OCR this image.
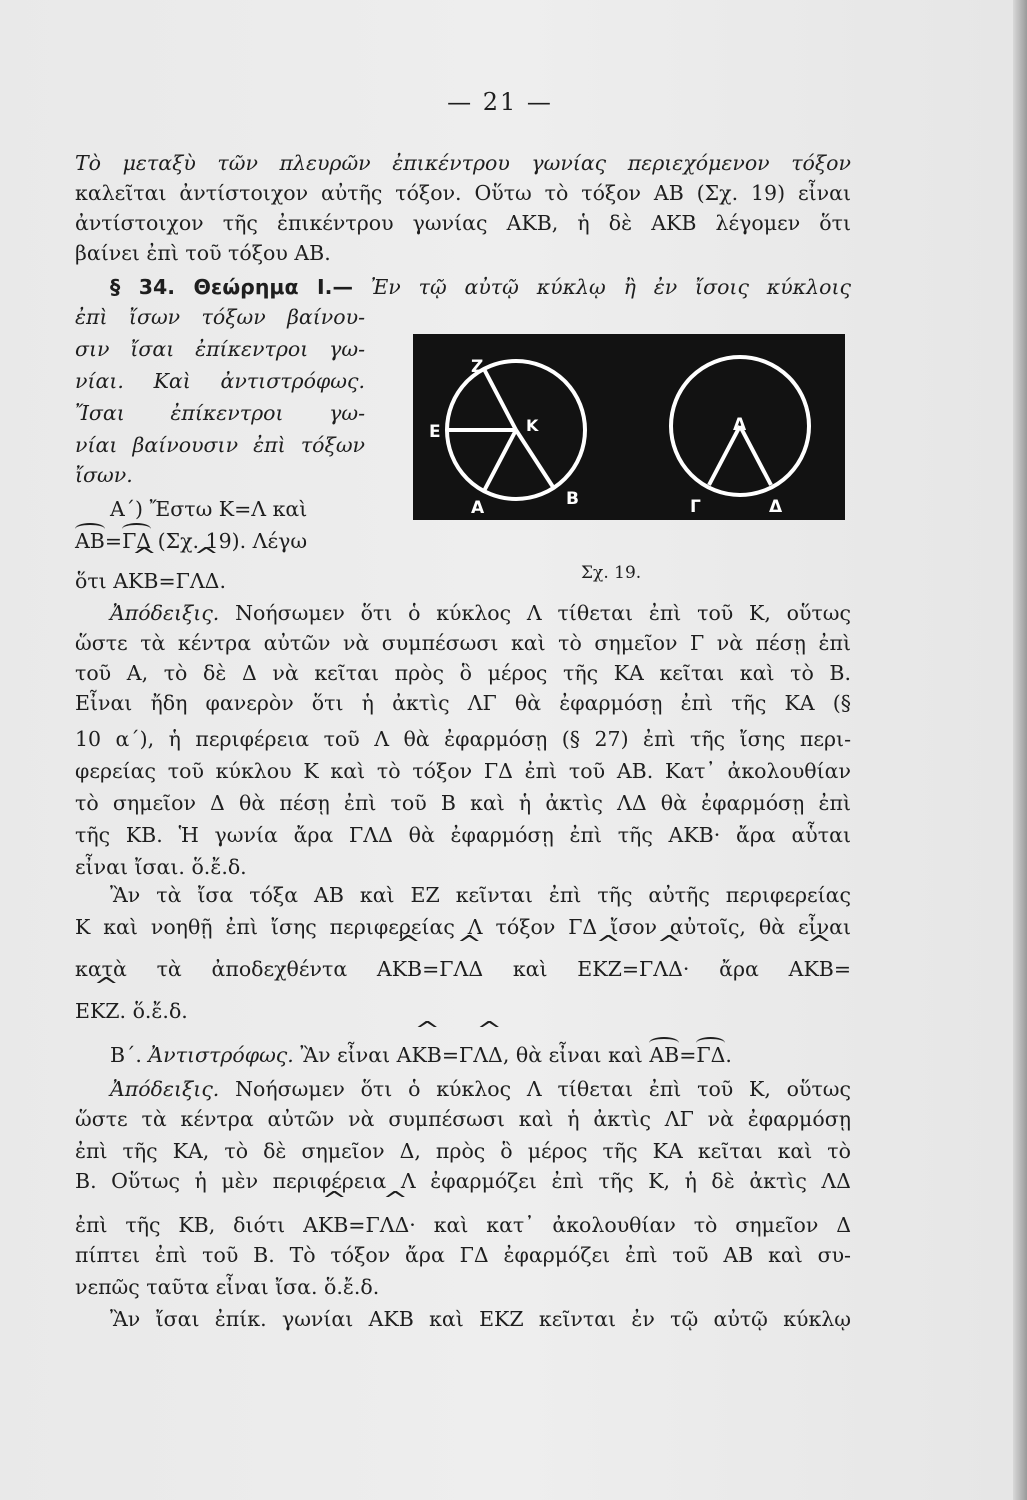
— 21 —
Τὸ μεταξὺ τῶν πλευρῶν ἐπικέντρου γωνίας περιεχόμενον τόξον
καλεῖται ἀντίστοιχον αὐτῆς τόξον. Οὕτω τὸ τόξον ΑΒ (Σχ. 19) εἶναι
ἀντίστοιχον τῆς ἐπικέντρου γωνίας ΑΚΒ, ἡ δὲ ΑΚΒ λέγομεν ὅτι
βαίνει ἐπὶ τοῦ τόξου ΑΒ.
§ 34. Θεώρημα Ι.— Ἐν τῷ αὐτῷ κύκλῳ ἢ ἐν ἴσοις κύκλοις
ἐπὶ ἴσων τόξων βαίνου-
σιν ἴσαι ἐπίκεντροι γω-
νίαι. Καὶ ἀντιστρόφως.
Ἴσαι ἐπίκεντροι γω-
νίαι βαίνουσιν ἐπὶ τόξων
ἴσων.
Α΄) Ἔστω Κ=Λ καὶ
ΑΒ=ΓΔ (Σχ. 19). Λέγω
ὅτι Α^ ΚΒ=Γ^ ΛΔ.
Z
K
E
A	B
Λ
Γ	Δ
Σχ. 19.
Ἀπόδειξις. Νοήσωμεν ὅτι ὁ κύκλος Λ τίθεται ἐπὶ τοῦ Κ, οὕτως
ὥστε τὰ κέντρα αὐτῶν νὰ συμπέσωσι καὶ τὸ σημεῖον Γ νὰ πέσῃ ἐπὶ
τοῦ Α, τὸ δὲ Δ νὰ κεῖται πρὸς ὃ μέρος τῆς ΚΑ κεῖται καὶ τὸ Β.
Εἶναι ἤδη φανερὸν ὅτι ἡ ἀκτὶς ΛΓ θὰ ἐφαρμόσῃ ἐπὶ τῆς ΚΑ (§
10 α΄), ἡ περιφέρεια τοῦ Λ θὰ ἐφαρμόσῃ (§ 27) ἐπὶ τῆς ἴσης περι-
φερείας τοῦ κύκλου Κ καὶ τὸ τόξον ΓΔ ἐπὶ τοῦ ΑΒ. Κατ᾽ ἀκολουθίαν
τὸ σημεῖον Δ θὰ πέσῃ ἐπὶ τοῦ Β καὶ ἡ ἀκτὶς ΛΔ θὰ ἐφαρμόσῃ ἐπὶ
τῆς ΚΒ. Ἡ γωνία ἄρα ΓΛΔ θὰ ἐφαρμόσῃ ἐπὶ τῆς ΑΚΒ· ἄρα αὗται
εἶναι ἴσαι. ὅ.ἔ.δ.
Ἂν τὰ ἴσα τόξα ΑΒ καὶ ΕΖ κεῖνται ἐπὶ τῆς αὐτῆς περιφερείας
Κ καὶ νοηθῇ ἐπὶ ἴσης περιφερείας Λ τόξον ΓΔ ἴσον αὐτοῖς, θὰ εἶναι
κατὰ τὰ ἀποδεχθέντα Α^ ΚΒ=Γ^ ΛΔ καὶ Ε^ ΚΖ=Γ^ ΛΔ· ἄρα Α^ ΚΒ=
Ε^ ΚΖ. ὅ.ἔ.δ.
Β΄. Ἀντιστρόφως. Ἂν εἶναι Α^ ΚΒ=Γ^ ΛΔ, θὰ εἶναι καὶ ΑΒ=ΓΔ.
Ἀπόδειξις. Νοήσωμεν ὅτι ὁ κύκλος Λ τίθεται ἐπὶ τοῦ Κ, οὕτως
ὥστε τὰ κέντρα αὐτῶν νὰ συμπέσωσι καὶ ἡ ἀκτὶς ΛΓ νὰ ἐφαρμόσῃ
ἐπὶ τῆς ΚΑ, τὸ δὲ σημεῖον Δ, πρὸς ὃ μέρος τῆς ΚΑ κεῖται καὶ τὸ
Β. Οὕτως ἡ μὲν περιφέρεια Λ ἐφαρμόζει ἐπὶ τῆς Κ, ἡ δὲ ἀκτὶς ΛΔ
ἐπὶ τῆς ΚΒ, διότι Α^ ΚΒ=Γ^ ΛΔ· καὶ κατ᾽ ἀκολουθίαν τὸ σημεῖον Δ
πίπτει ἐπὶ τοῦ Β. Τὸ τόξον ἄρα ΓΔ ἐφαρμόζει ἐπὶ τοῦ ΑΒ καὶ συ-
νεπῶς ταῦτα εἶναι ἴσα. ὅ.ἔ.δ.
Ἂν ἴσαι ἐπίκ. γωνίαι ΑΚΒ καὶ ΕΚΖ κεῖνται ἐν τῷ αὐτῷ κύκλῳ
